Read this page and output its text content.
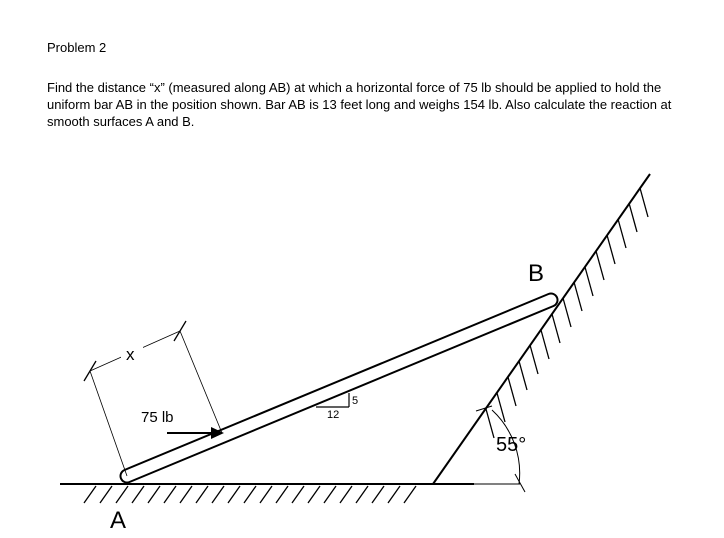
Problem 2
Find the distance “x” (measured along AB) at which a horizontal force of 75 lb should be applied to hold the uniform bar AB in the position shown. Bar AB is 13 feet long and weighs 154 lb. Also calculate the reaction at smooth surfaces A and B.
5
12
x
75 lb
A
B
55°
